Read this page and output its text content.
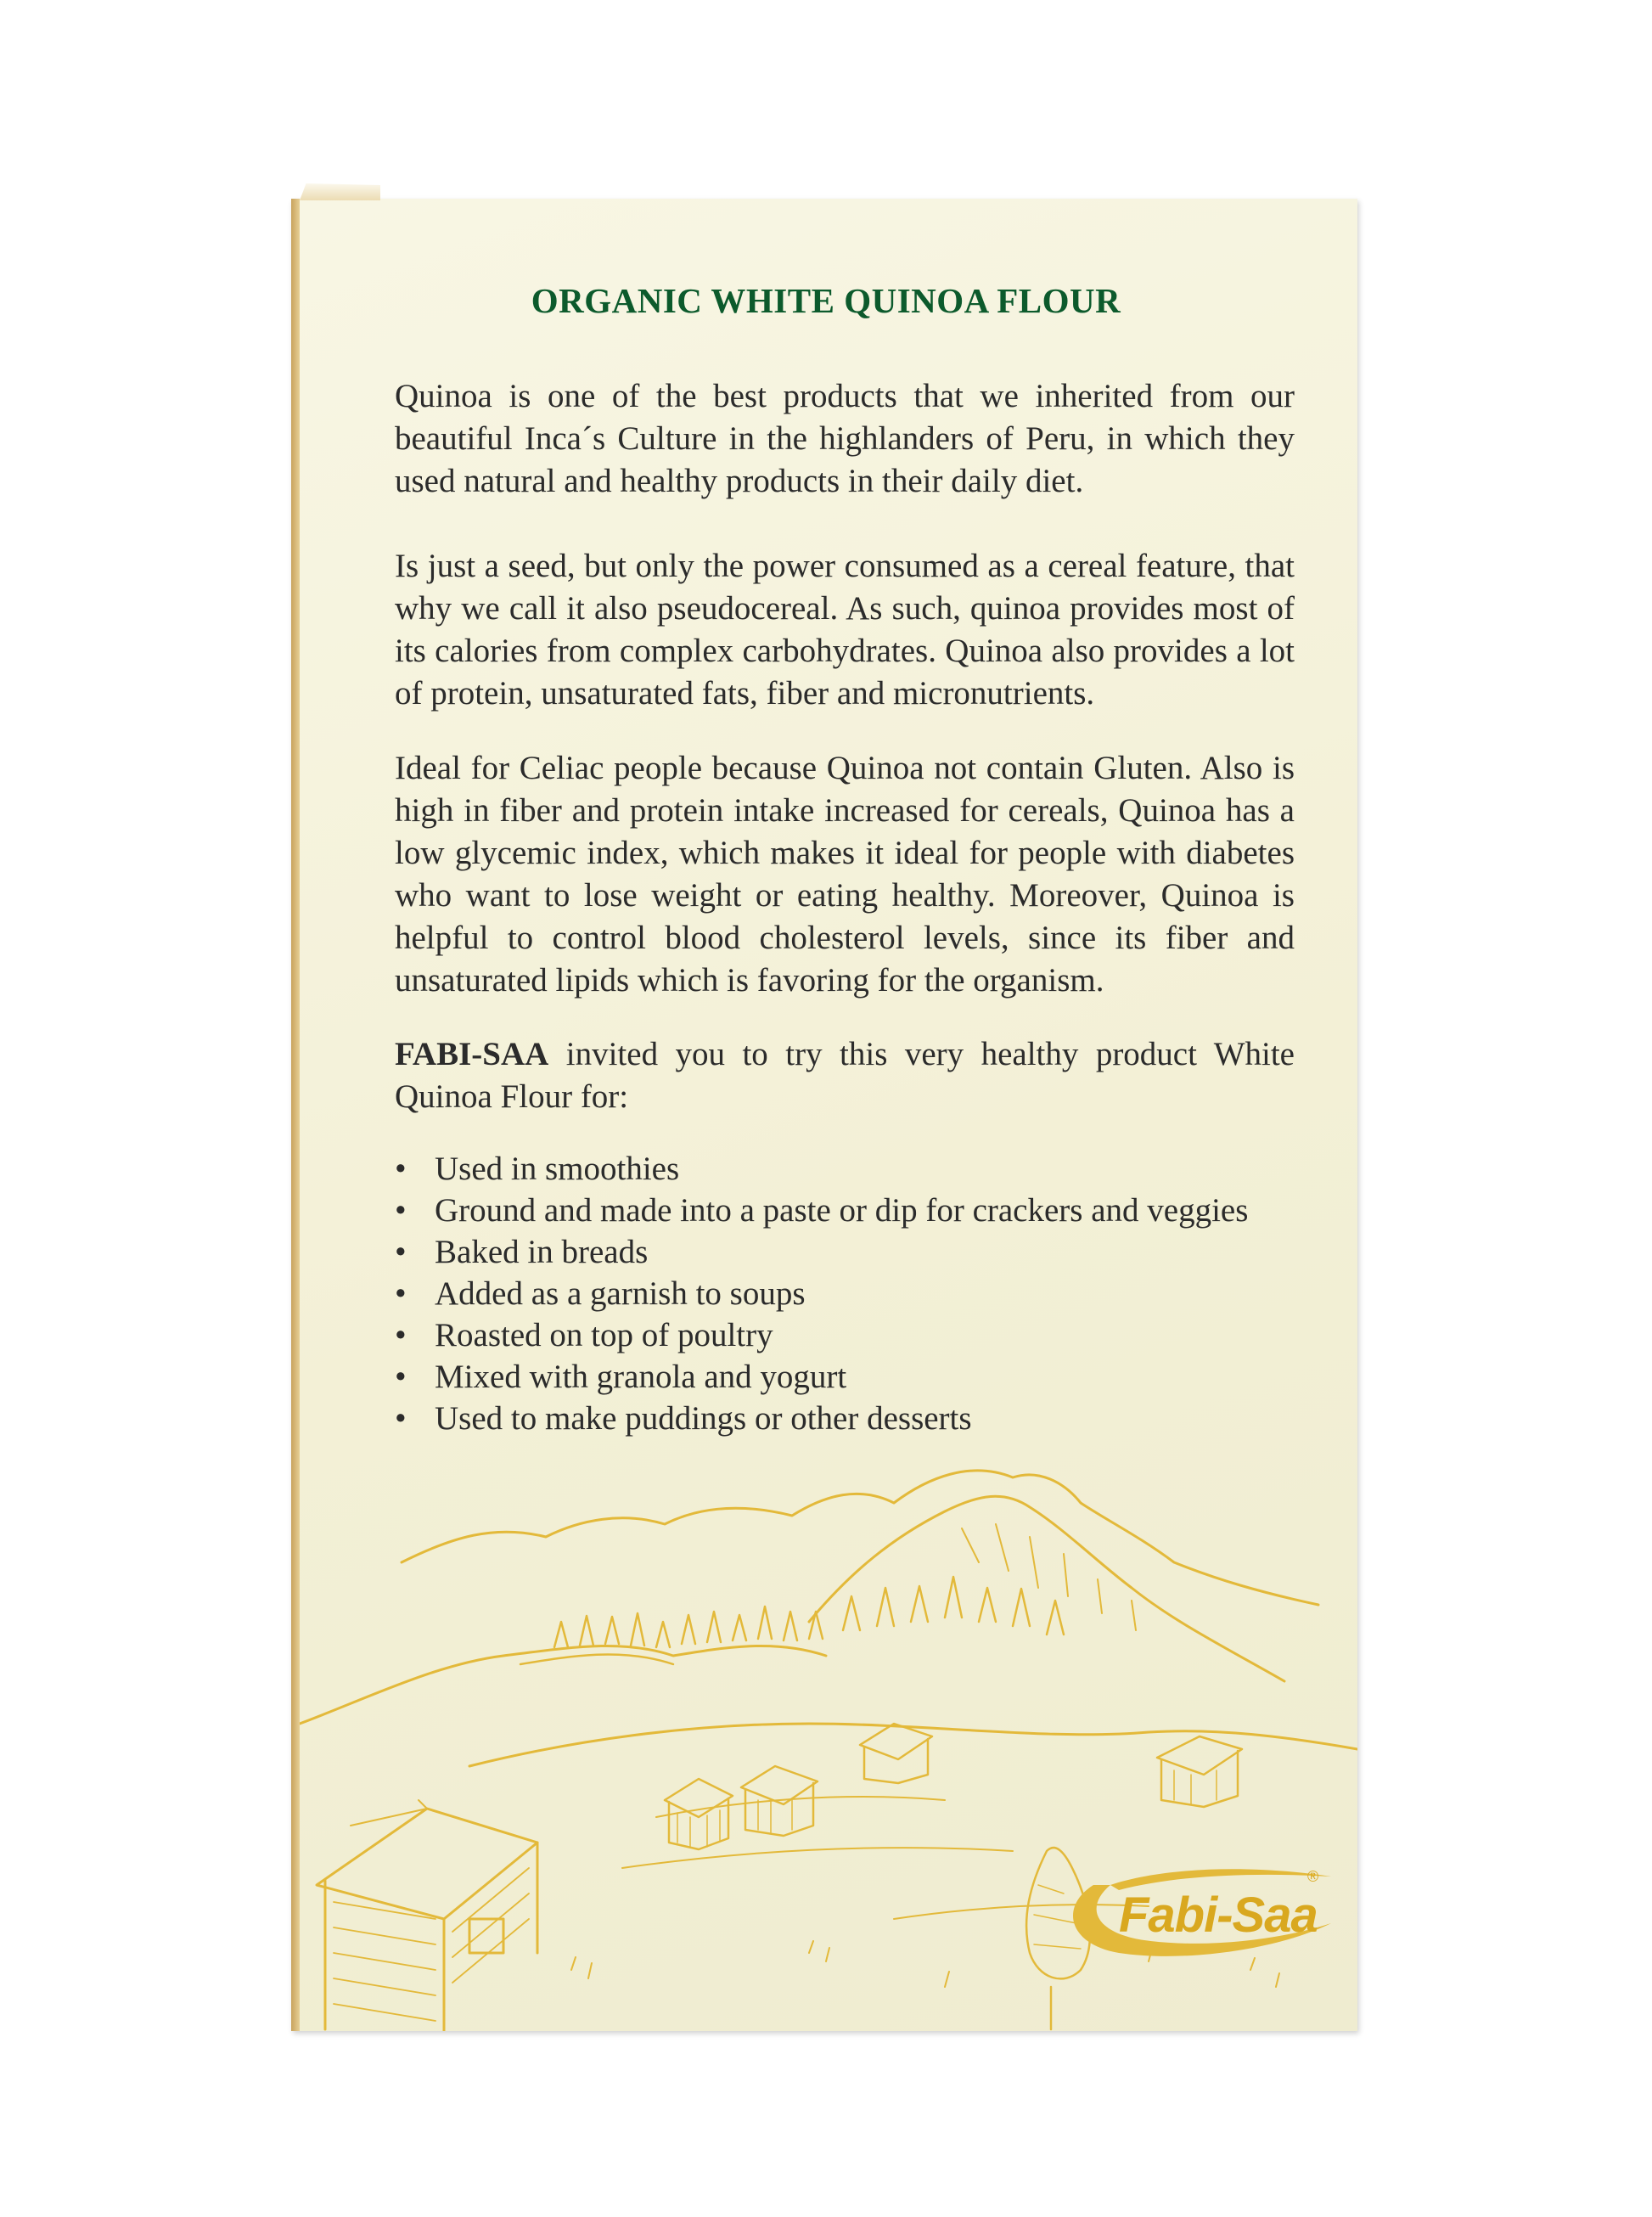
ORGANIC WHITE QUINOA FLOUR
Quinoa is one of the best products that we inherited from our beautiful Inca´s Culture in the highlanders of Peru, in which they used natural and healthy products in their daily diet.
Is just a seed, but only the power consumed as a cereal feature, that why we call it also pseudocereal. As such, quinoa provides most of its calories from complex carbohydrates. Quinoa also provides a lot of protein, unsaturated fats, fiber and micronutrients.
Ideal for Celiac people because Quinoa not contain Gluten. Also is high in fiber and protein intake increased for cereals, Quinoa has a low glycemic index, which makes it ideal for people with diabetes who want to lose weight or eating healthy. Moreover, Quinoa is helpful to control blood cholesterol levels, since its fiber and unsaturated lipids which is favoring for the organism.
FABI-SAA invited you to try this very healthy product White Quinoa Flour for:
• Used in smoothies
• Ground and made into a paste or dip for crackers and veggies
• Baked in breads
• Added as a garnish to soups
• Roasted on top of poultry
• Mixed with granola and yogurt
• Used to make puddings or other desserts
Fabi-Saa
®
